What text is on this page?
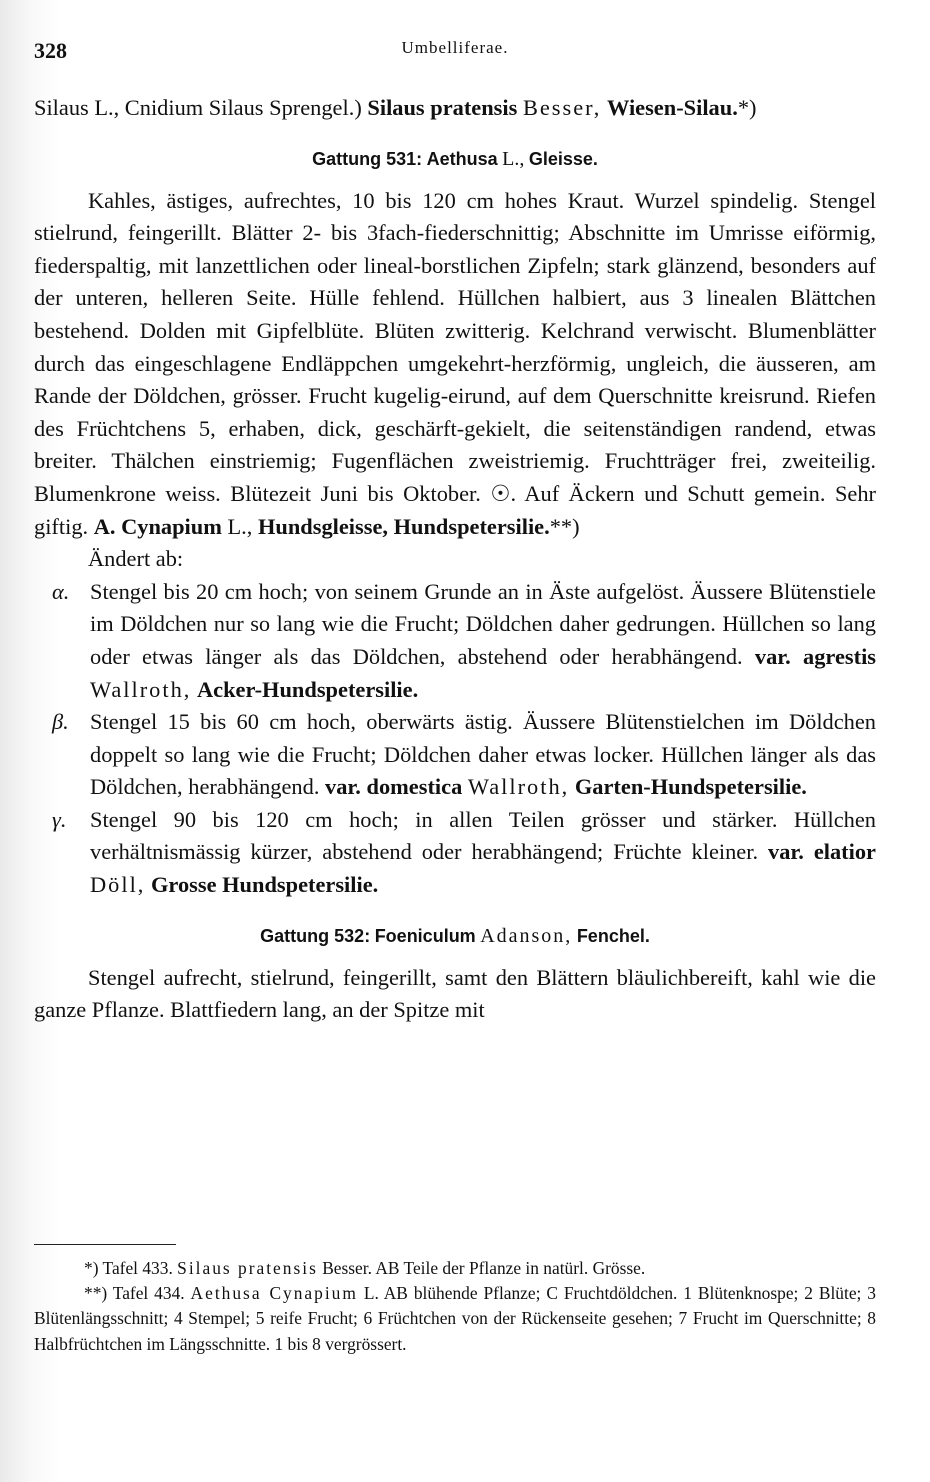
328	Umbelliferae.

Silaus L., Cnidium Silaus Sprengel.) Silaus pratensis Besser, Wiesen-Silau.*)

Gattung 531: Aethusa L., Gleisse.

Kahles, ästiges, aufrechtes, 10 bis 120 cm hohes Kraut. Wurzel spindelig. Stengel stielrund, feingerillt. Blätter 2- bis 3fach-fiederschnittig; Abschnitte im Umrisse eiförmig, fiederspaltig, mit lanzettlichen oder lineal-borstlichen Zipfeln; stark glänzend, besonders auf der unteren, helleren Seite. Hülle fehlend. Hüllchen halbiert, aus 3 linealen Blättchen bestehend. Dolden mit Gipfelblüte. Blüten zwitterig. Kelchrand verwischt. Blumenblätter durch das eingeschlagene Endläppchen umgekehrt-herzförmig, ungleich, die äusseren, am Rande der Döldchen, grösser. Frucht kugelig-eirund, auf dem Querschnitte kreisrund. Riefen des Früchtchens 5, erhaben, dick, geschärft-gekielt, die seitenständigen randend, etwas breiter. Thälchen einstriemig; Fugenflächen zweistriemig. Fruchtträger frei, zweiteilig. Blumenkrone weiss. Blütezeit Juni bis Oktober. ☉. Auf Äckern und Schutt gemein. Sehr giftig. A. Cynapium L., Hundsgleisse, Hundspetersilie.**)

Ändert ab:
α. Stengel bis 20 cm hoch; von seinem Grunde an in Äste aufgelöst. Äussere Blütenstiele im Döldchen nur so lang wie die Frucht; Döldchen daher gedrungen. Hüllchen so lang oder etwas länger als das Döldchen, abstehend oder herabhängend. var. agrestis Wallroth, Acker-Hundspetersilie.
β. Stengel 15 bis 60 cm hoch, oberwärts ästig. Äussere Blütenstielchen im Döldchen doppelt so lang wie die Frucht; Döldchen daher etwas locker. Hüllchen länger als das Döldchen, herabhängend. var. domestica Wallroth, Garten-Hundspetersilie.
γ. Stengel 90 bis 120 cm hoch; in allen Teilen grösser und stärker. Hüllchen verhältnismässig kürzer, abstehend oder herabhängend; Früchte kleiner. var. elatior Döll, Grosse Hundspetersilie.
Gattung 532: Foeniculum Adanson, Fenchel.

Stengel aufrecht, stielrund, feingerillt, samt den Blättern bläulichbereift, kahl wie die ganze Pflanze. Blattfiedern lang, an der Spitze mit

*) Tafel 433. Silaus pratensis Besser. AB Teile der Pflanze in natürl. Grösse.

**) Tafel 434. Aethusa Cynapium L. AB blühende Pflanze; C Fruchtdöldchen. 1 Blütenknospe; 2 Blüte; 3 Blütenlängsschnitt; 4 Stempel; 5 reife Frucht; 6 Früchtchen von der Rückenseite gesehen; 7 Frucht im Querschnitte; 8 Halbfrüchtchen im Längsschnitte. 1 bis 8 vergrössert.
